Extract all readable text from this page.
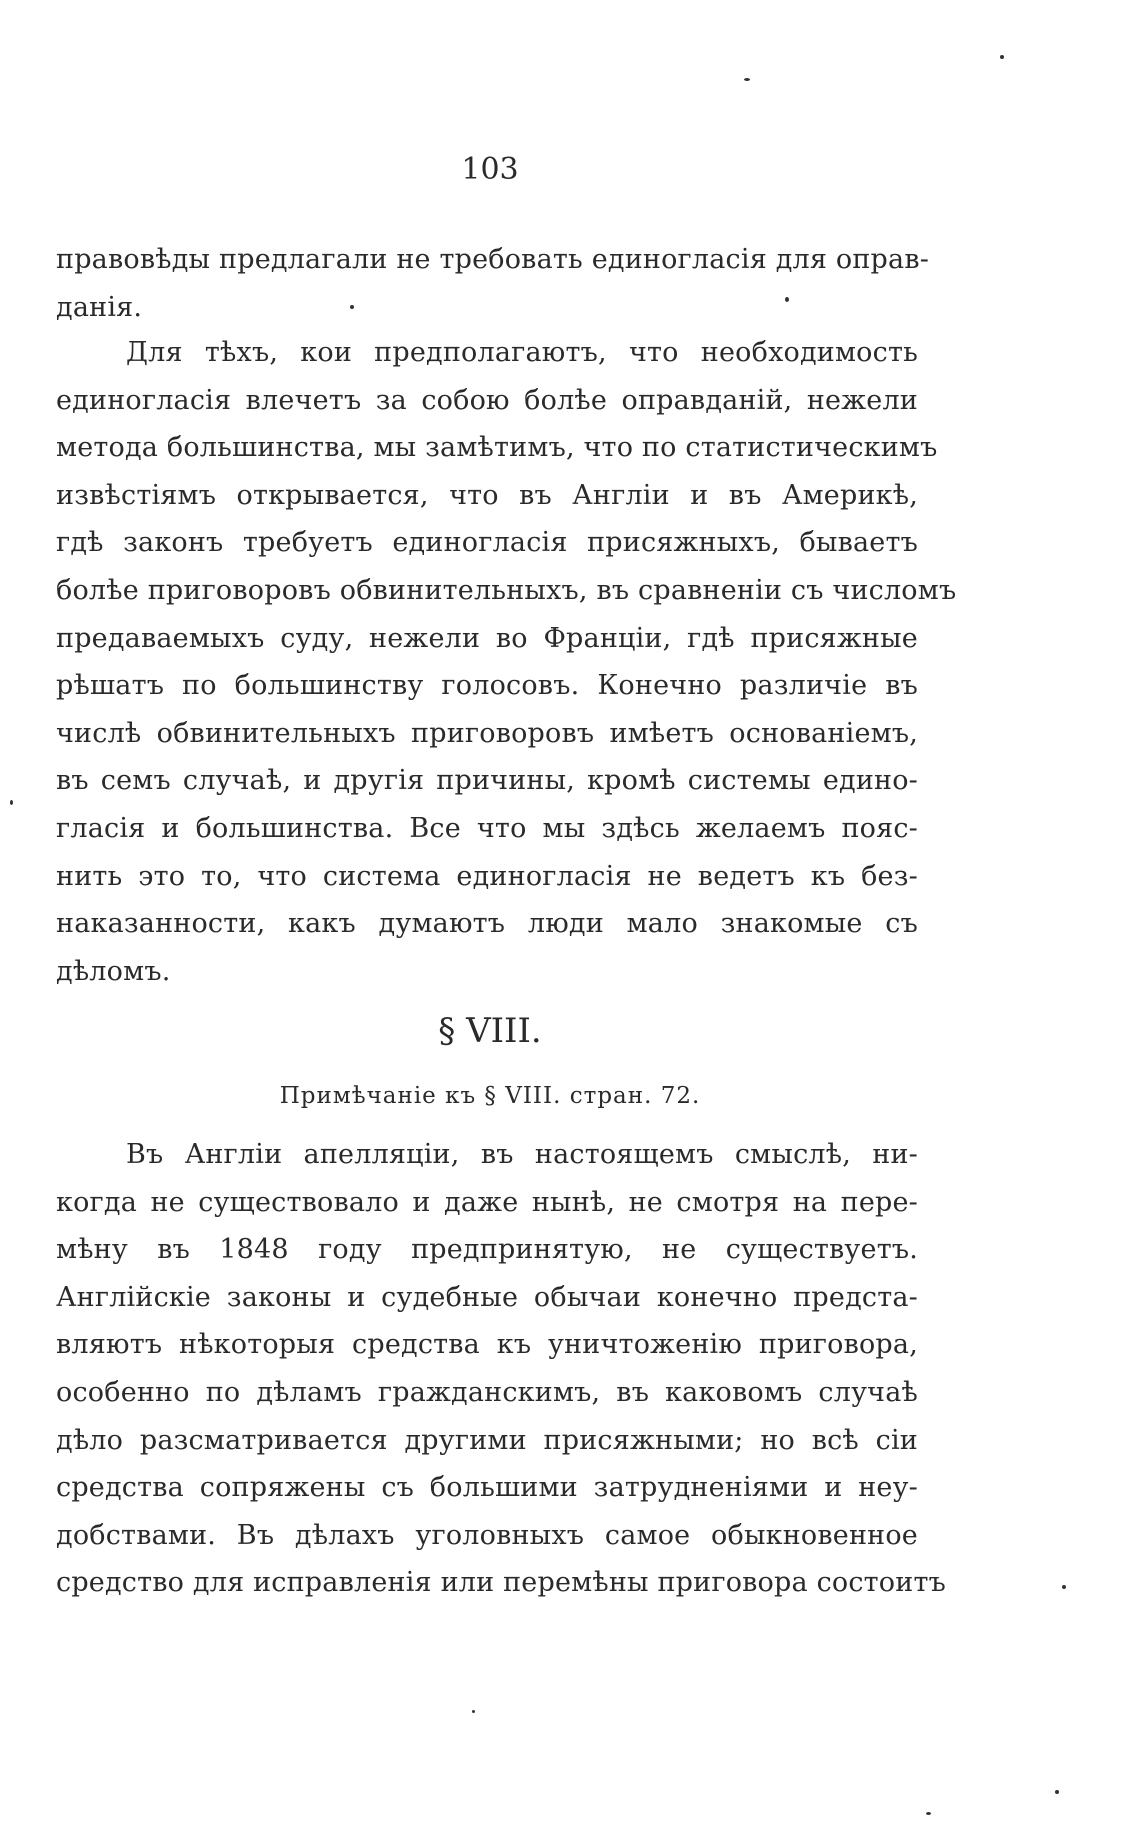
103
правовѣды предлагали не требовать единогласія для оправ-
данія.
Для тѣхъ, кои предполагаютъ, что необходимость
единогласія влечетъ за собою болѣе оправданій, нежели
метода большинства, мы замѣтимъ, что по статистическимъ
извѣстіямъ открывается, что въ Англіи и въ Америкѣ,
гдѣ законъ требуетъ единогласія присяжныхъ, бываетъ
болѣе приговоровъ обвинительныхъ, въ сравненіи съ числомъ
предаваемыхъ суду, нежели во Франціи, гдѣ присяжные
рѣшатъ по большинству голосовъ. Конечно различіе въ
числѣ обвинительныхъ приговоровъ имѣетъ основаніемъ,
въ семъ случаѣ, и другія причины, кромѣ системы едино-
гласія и большинства. Все что мы здѣсь желаемъ пояс-
нить это то, что система единогласія не ведетъ къ без-
наказанности, какъ думаютъ люди мало знакомые съ
дѣломъ.
§ VIII.
Примѣчаніе къ § VIII. стран. 72.
Въ Англіи апелляціи, въ настоящемъ смыслѣ, ни-
когда не существовало и даже нынѣ, не смотря на пере-
мѣну въ 1848 году предпринятую, не существуетъ.
Англійскіе законы и судебные обычаи конечно предста-
вляютъ нѣкоторыя средства къ уничтоженію приговора,
особенно по дѣламъ гражданскимъ, въ каковомъ случаѣ
дѣло разсматривается другими присяжными; но всѣ сіи
средства сопряжены съ большими затрудненіями и неу-
добствами. Въ дѣлахъ уголовныхъ самое обыкновенное
средство для исправленія или перемѣны приговора состоитъ
